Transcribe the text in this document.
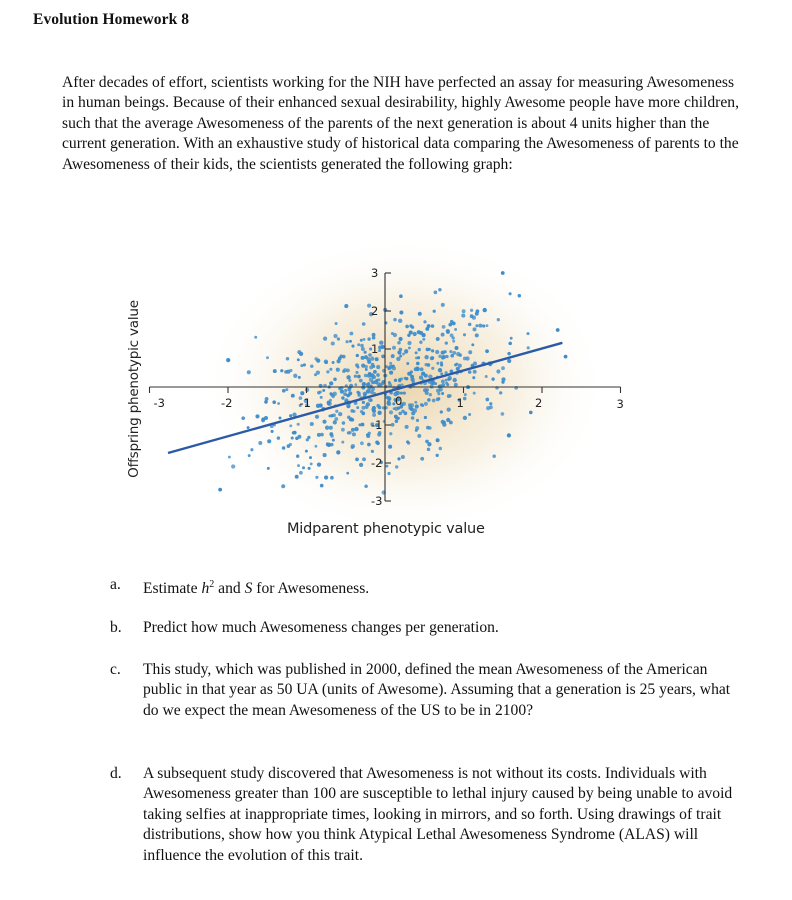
Evolution Homework 8

After decades of effort, scientists working for the NIH have perfected an assay for measuring Awesomeness in human beings. Because of their enhanced sexual desirability, highly Awesome people have more children, such that the average Awesomeness of the parents of the next generation is about 4 units higher than the current generation. With an exhaustive study of historical data comparing the Awesomeness of parents to the Awesomeness of their kids, the scientists generated the following graph:

-3	-2	-1	0	1	2	3
3
2
1
-1
-2
-3
Offspring phenotypic value
Midparent phenotypic value
a. Estimate $h^2$ and S for Awesomeness.
b. Predict how much Awesomeness changes per generation.
c. This study, which was published in 2000, defined the mean Awesomeness of the American public in that year as 50 UA (units of Awesome). Assuming that a generation is 25 years, what do we expect the mean Awesomeness of the US to be in 2100?
d. A subsequent study discovered that Awesomeness is not without its costs. Individuals with Awesomeness greater than 100 are susceptible to lethal injury caused by being unable to avoid taking selfies at inappropriate times, looking in mirrors, and so forth. Using drawings of trait distributions, show how you think Atypical Lethal Awesomeness Syndrome (ALAS) will influence the evolution of this trait.
